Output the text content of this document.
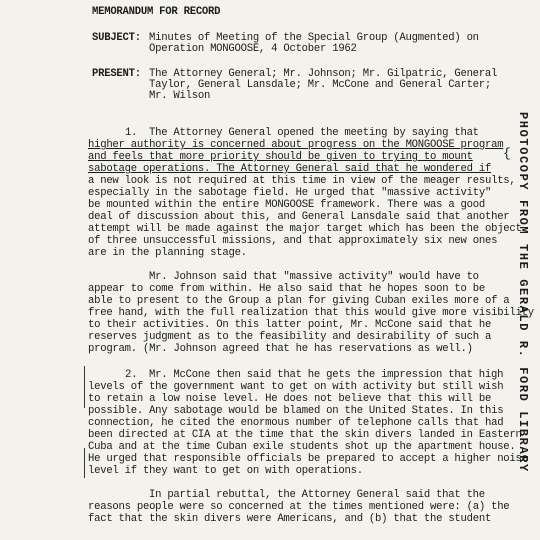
MEMORANDUM FOR RECORD
SUBJECT: Minutes of Meeting of the Special Group (Augmented) on
Operation MONGOOSE, 4 October 1962
PRESENT: The Attorney General; Mr. Johnson; Mr. Gilpatric, General
Taylor, General Lansdale; Mr. McCone and General Carter;
Mr. Wilson
1. The Attorney General opened the meeting by saying that
higher authority is concerned about progress on the MONGOOSE program
and feels that more priority should be given to trying to mount
sabotage operations. The Attorney General said that he wondered if
a new look is not required at this time in view of the meager results,
especially in the sabotage field. He urged that "massive activity"
be mounted within the entire MONGOOSE framework. There was a good
deal of discussion about this, and General Lansdale said that another
attempt will be made against the major target which has been the object
of three unsuccessful missions, and that approximately six new ones
are in the planning stage.
Mr. Johnson said that "massive activity" would have to
appear to come from within. He also said that he hopes soon to be
able to present to the Group a plan for giving Cuban exiles more of a
free hand, with the full realization that this would give more visibility
to their activities. On this latter point, Mr. McCone said that he
reserves judgment as to the feasibility and desirability of such a
program. (Mr. Johnson agreed that he has reservations as well.)
2. Mr. McCone then said that he gets the impression that high
levels of the government want to get on with activity but still wish
to retain a low noise level. He does not believe that this will be
possible. Any sabotage would be blamed on the United States. In this
connection, he cited the enormous number of telephone calls that had
been directed at CIA at the time that the skin divers landed in Eastern
Cuba and at the time Cuban exile students shot up the apartment house.
He urged that responsible officials be prepared to accept a higher noise
level if they want to get on with operations.
In partial rebuttal, the Attorney General said that the
reasons people were so concerned at the times mentioned were: (a) the
fact that the skin divers were Americans, and (b) that the student
{ PHOTOCOPY FROM THE GERALD R. FORD LIBRARY
